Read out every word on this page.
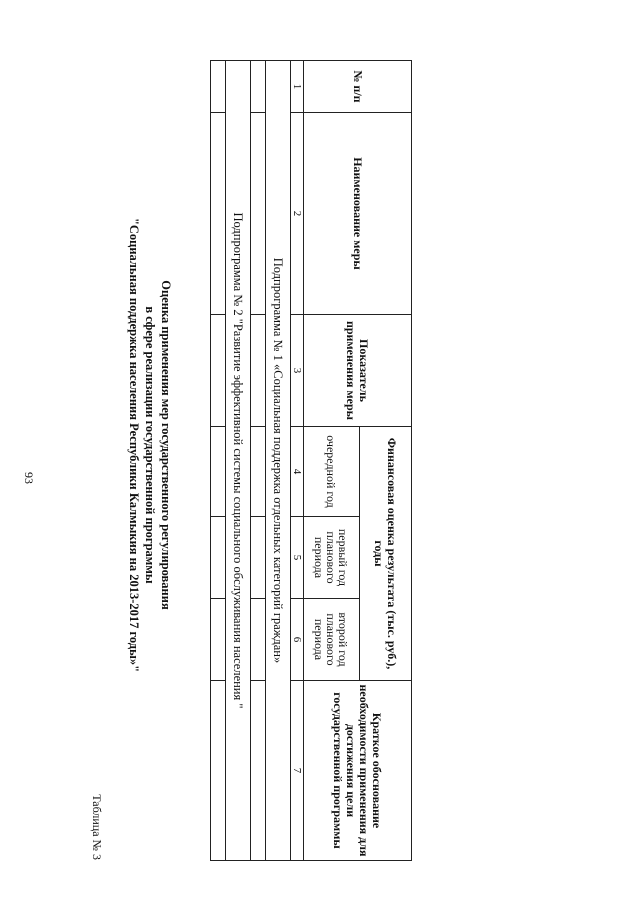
93
№ п/п	Наименование меры	Показатель применения меры	Финансовая оценка результата (тыс. руб.), годы			Краткое обоснование необходимости применения для достижения цели государственной программы
			очередной год	первый год планового периода	второй год планового периода	
1	2	3	4	5	6	7
Подпрограмма № 1 «Социальная поддержка отдельных категорий граждан»						

Подпрограмма № 2 "Развитие эффективной системы социального обслуживания населения "						

Оценка применения мер государственного регулирования
в сфере реализации государственной программы
"Социальная поддержка населения Республики Калмыкия на 2013-2017 годы»"
Таблица № 3
